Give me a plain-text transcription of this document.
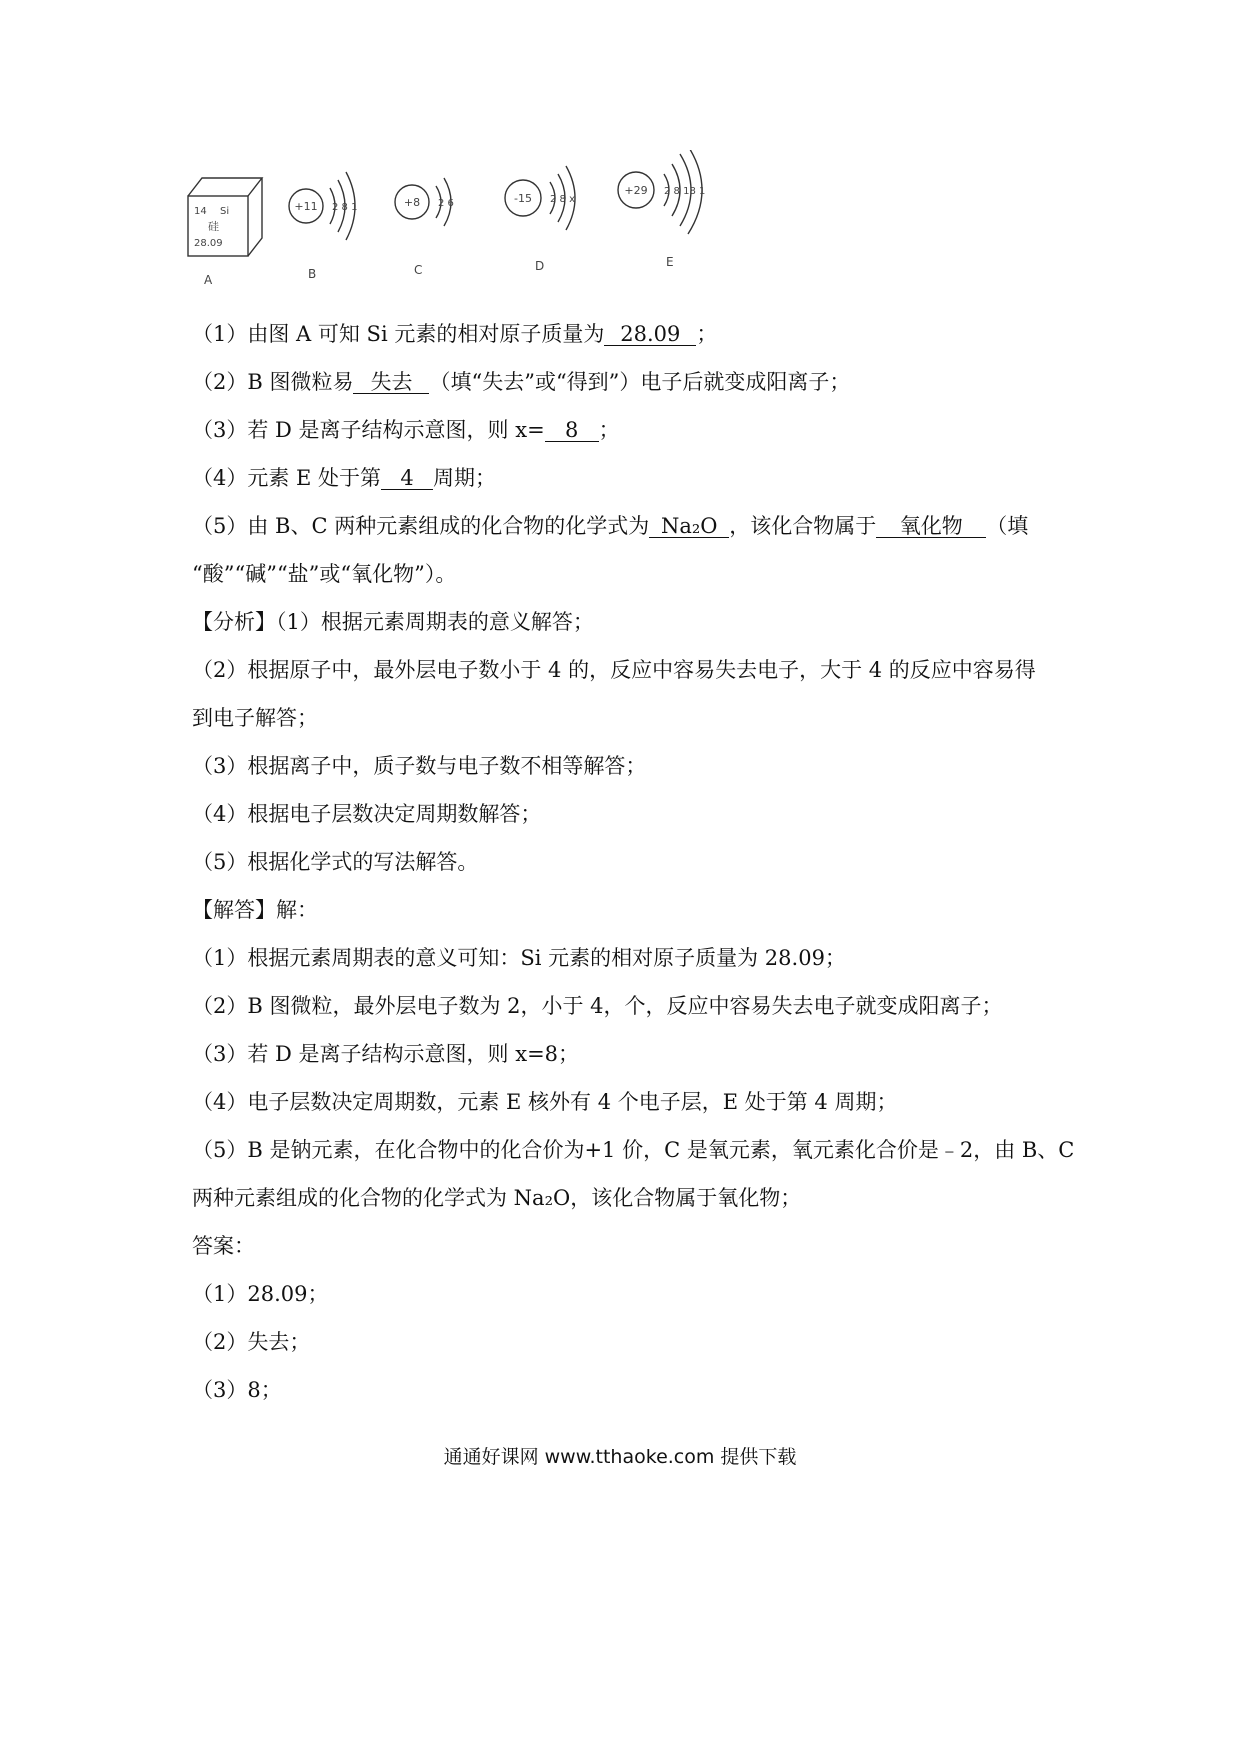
14 Si
硅
28.09
+11 2 8 1	+8 2 6	-15 2 8 x
+29 2 8 18 1
A	B	C	D	E
（1）由图 A 可知 Si 元素的相对原子质量为 28.09 ；
（2）B 图微粒易 失去 （填“失去”或“得到”）电子后就变成阳离子；
（3）若 D 是离子结构示意图，则 x= 8 ；
（4）元素 E 处于第 4 周期；
（5）由 B、C 两种元素组成的化合物的化学式为 Na₂O ，该化合物属于 氧化物 （填
“酸”“碱”“盐”或“氧化物”）。
【分析】（1）根据元素周期表的意义解答；
（2）根据原子中，最外层电子数小于 4 的，反应中容易失去电子，大于 4 的反应中容易得
到电子解答；
（3）根据离子中，质子数与电子数不相等解答；
（4）根据电子层数决定周期数解答；
（5）根据化学式的写法解答。
【解答】解：
（1）根据元素周期表的意义可知：Si 元素的相对原子质量为 28.09；
（2）B 图微粒，最外层电子数为 2，小于 4，个，反应中容易失去电子就变成阳离子；
（3）若 D 是离子结构示意图，则 x=8；
（4）电子层数决定周期数，元素 E 核外有 4 个电子层，E 处于第 4 周期；
（5）B 是钠元素，在化合物中的化合价为+1 价，C 是氧元素，氧元素化合价是﹣2，由 B、C
两种元素组成的化合物的化学式为 Na₂O，该化合物属于氧化物；
答案：
（1）28.09；
（2）失去；
（3）8；
通通好课网 www.tthaoke.com 提供下载
